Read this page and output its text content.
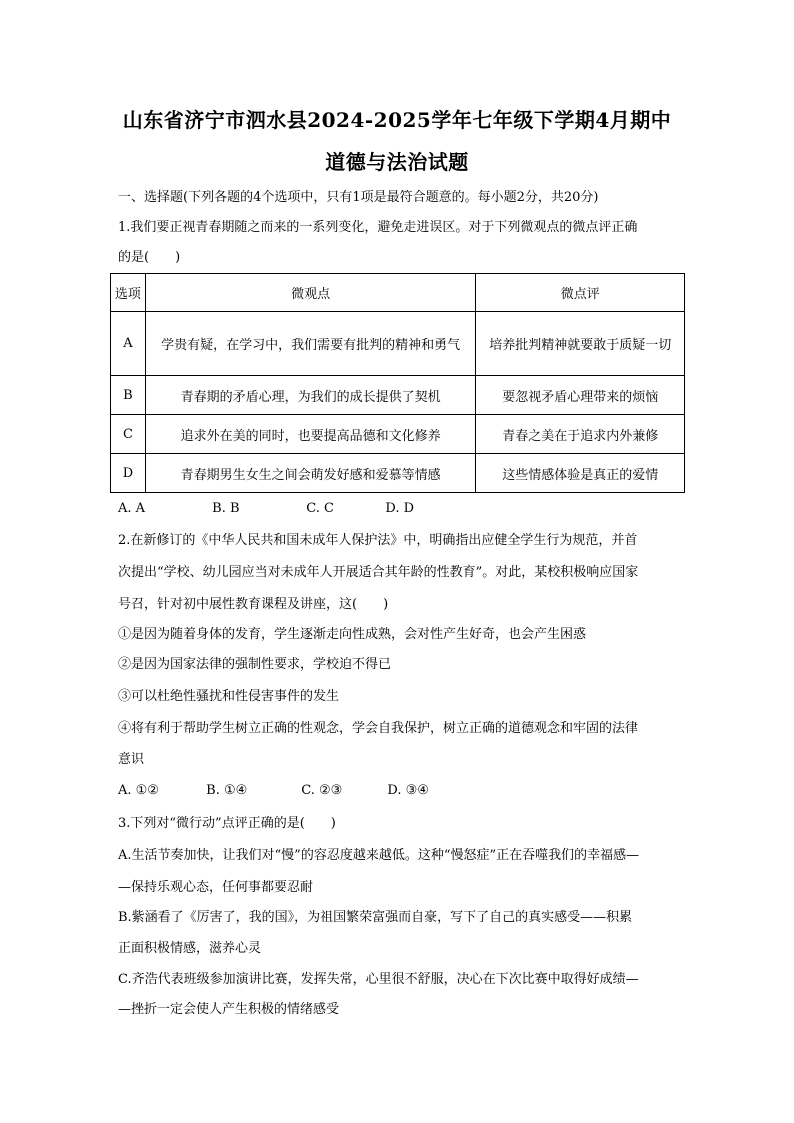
山东省济宁市泗水县2024-2025学年七年级下学期4月期中
道德与法治试题
一、选择题(下列各题的4个选项中，只有1项是最符合题意的。每小题2分，共20分)
1.我们要正视青春期随之而来的一系列变化，避免走进误区。对于下列微观点的微点评正确
的是(　　)
选项	微观点	微点评
A	学贵有疑，在学习中，我们需要有批判的精神和勇气	培养批判精神就要敢于质疑一切
B	青春期的矛盾心理，为我们的成长提供了契机	要忽视矛盾心理带来的烦恼
C	追求外在美的同时，也要提高品德和文化修养	青春之美在于追求内外兼修
D	青春期男生女生之间会萌发好感和爱慕等情感	这些情感体验是真正的爱情
A. A	B. B	C. C	D. D
2.在新修订的《中华人民共和国未成年人保护法》中，明确指出应健全学生行为规范，并首
次提出“学校、幼儿园应当对未成年人开展适合其年龄的性教育”。对此，某校积极响应国家
号召，针对初中展性教育课程及讲座，这(　　)
①是因为随着身体的发育，学生逐渐走向性成熟，会对性产生好奇，也会产生困惑
②是因为国家法律的强制性要求，学校迫不得已
③可以杜绝性骚扰和性侵害事件的发生
④将有利于帮助学生树立正确的性观念，学会自我保护，树立正确的道德观念和牢固的法律
意识
A. ①②	B. ①④	C. ②③	D. ③④
3.下列对“微行动”点评正确的是(　　)
A.生活节奏加快，让我们对“慢”的容忍度越来越低。这种“慢怒症”正在吞噬我们的幸福感—
—保持乐观心态，任何事都要忍耐
B.紫涵看了《厉害了，我的国》，为祖国繁荣富强而自豪，写下了自己的真实感受——积累
正面积极情感，滋养心灵
C.齐浩代表班级参加演讲比赛，发挥失常，心里很不舒服，决心在下次比赛中取得好成绩—
—挫折一定会使人产生积极的情绪感受
